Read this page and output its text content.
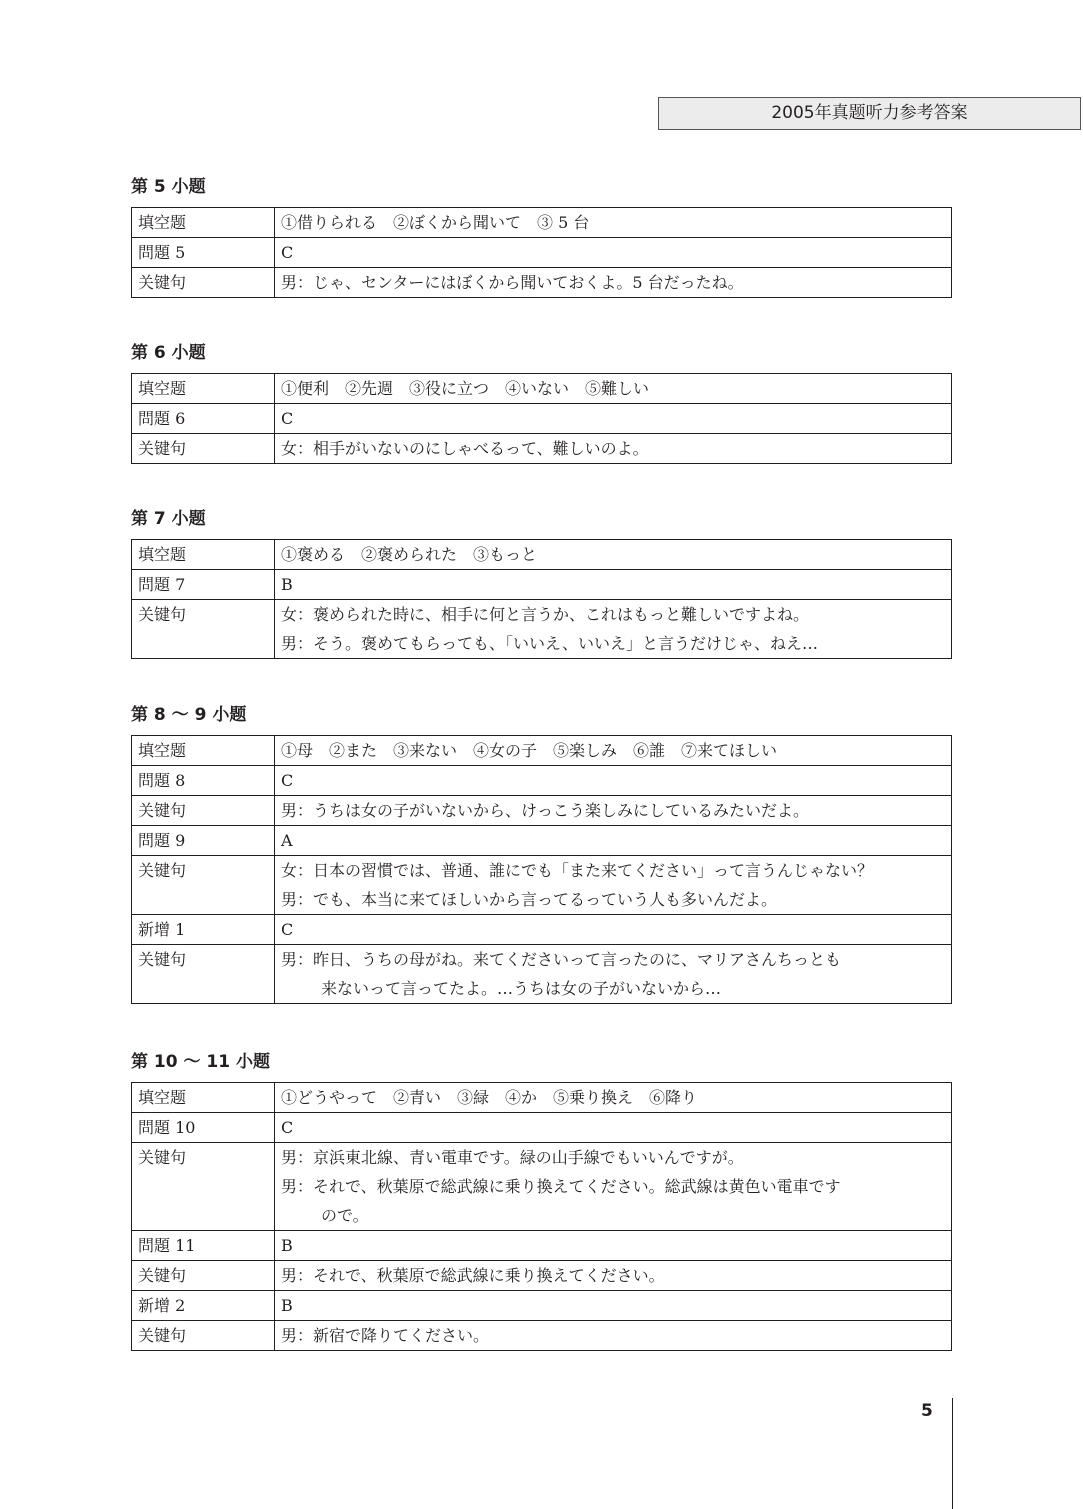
2005年真题听力参考答案
第 5 小题
填空题	①借りられる　②ぼくから聞いて　③ 5 台

問題 5	C

关键句	男：じゃ、センターにはぼくから聞いておくよ。5 台だったね。
第 6 小题
填空题	①便利　②先週　③役に立つ　④いない　⑤難しい

問題 6	C

关键句	女：相手がいないのにしゃべるって、難しいのよ。
第 7 小题
填空题	①褒める　②褒められた　③もっと

問題 7	B

关键句	女：褒められた時に、相手に何と言うか、これはもっと難しいですよね。
男：そう。褒めてもらっても、「いいえ、いいえ」と言うだけじゃ、ねえ…
第 8 ～ 9 小题
填空题	①母　②また　③来ない　④女の子　⑤楽しみ　⑥誰　⑦来てほしい

問題 8	C

关键句	男：うちは女の子がいないから、けっこう楽しみにしているみたいだよ。

問題 9	A

关键句	女：日本の習慣では、普通、誰にでも「また来てください」って言うんじゃない？
男：でも、本当に来てほしいから言ってるっていう人も多いんだよ。

新增 1	C

关键句	男：昨日、うちの母がね。来てくださいって言ったのに、マリアさんちっとも
来ないって言ってたよ。…うちは女の子がいないから…
第 10 ～ 11 小题
填空题	①どうやって　②青い　③緑　④か　⑤乗り換え　⑥降り

問題 10	C

关键句	男：京浜東北線、青い電車です。緑の山手線でもいいんですが。
男：それで、秋葉原で総武線に乗り換えてください。総武線は黄色い電車です
ので。

問題 11	B

关键句	男：それで、秋葉原で総武線に乗り換えてください。

新增 2	B

关键句	男：新宿で降りてください。
5
